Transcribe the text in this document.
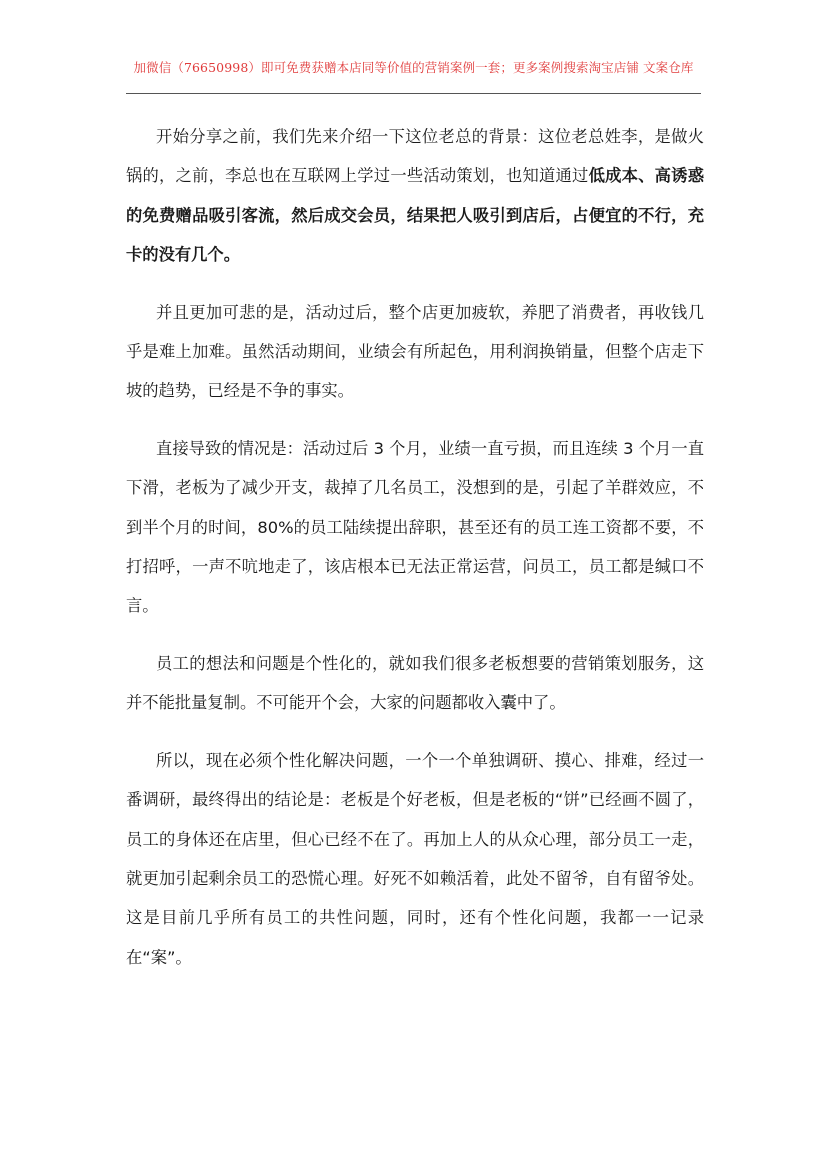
加微信（76650998）即可免费获赠本店同等价值的营销案例一套；更多案例搜索淘宝店铺 文案仓库

开始分享之前，我们先来介绍一下这位老总的背景：这位老总姓李，是做火锅的，之前，李总也在互联网上学过一些活动策划，也知道通过低成本、高诱惑的免费赠品吸引客流，然后成交会员，结果把人吸引到店后，占便宜的不行，充卡的没有几个。

并且更加可悲的是，活动过后，整个店更加疲软，养肥了消费者，再收钱几乎是难上加难。虽然活动期间，业绩会有所起色，用利润换销量，但整个店走下坡的趋势，已经是不争的事实。

直接导致的情况是：活动过后 3 个月，业绩一直亏损，而且连续 3 个月一直下滑，老板为了减少开支，裁掉了几名员工，没想到的是，引起了羊群效应，不到半个月的时间，80%的员工陆续提出辞职，甚至还有的员工连工资都不要，不打招呼，一声不吭地走了，该店根本已无法正常运营，问员工，员工都是缄口不言。

员工的想法和问题是个性化的，就如我们很多老板想要的营销策划服务，这并不能批量复制。不可能开个会，大家的问题都收入囊中了。

所以，现在必须个性化解决问题，一个一个单独调研、摸心、排难，经过一番调研，最终得出的结论是：老板是个好老板，但是老板的“饼”已经画不圆了，员工的身体还在店里，但心已经不在了。再加上人的从众心理，部分员工一走，就更加引起剩余员工的恐慌心理。好死不如赖活着，此处不留爷，自有留爷处。这是目前几乎所有员工的共性问题，同时，还有个性化问题，我都一一记录在“案”。
